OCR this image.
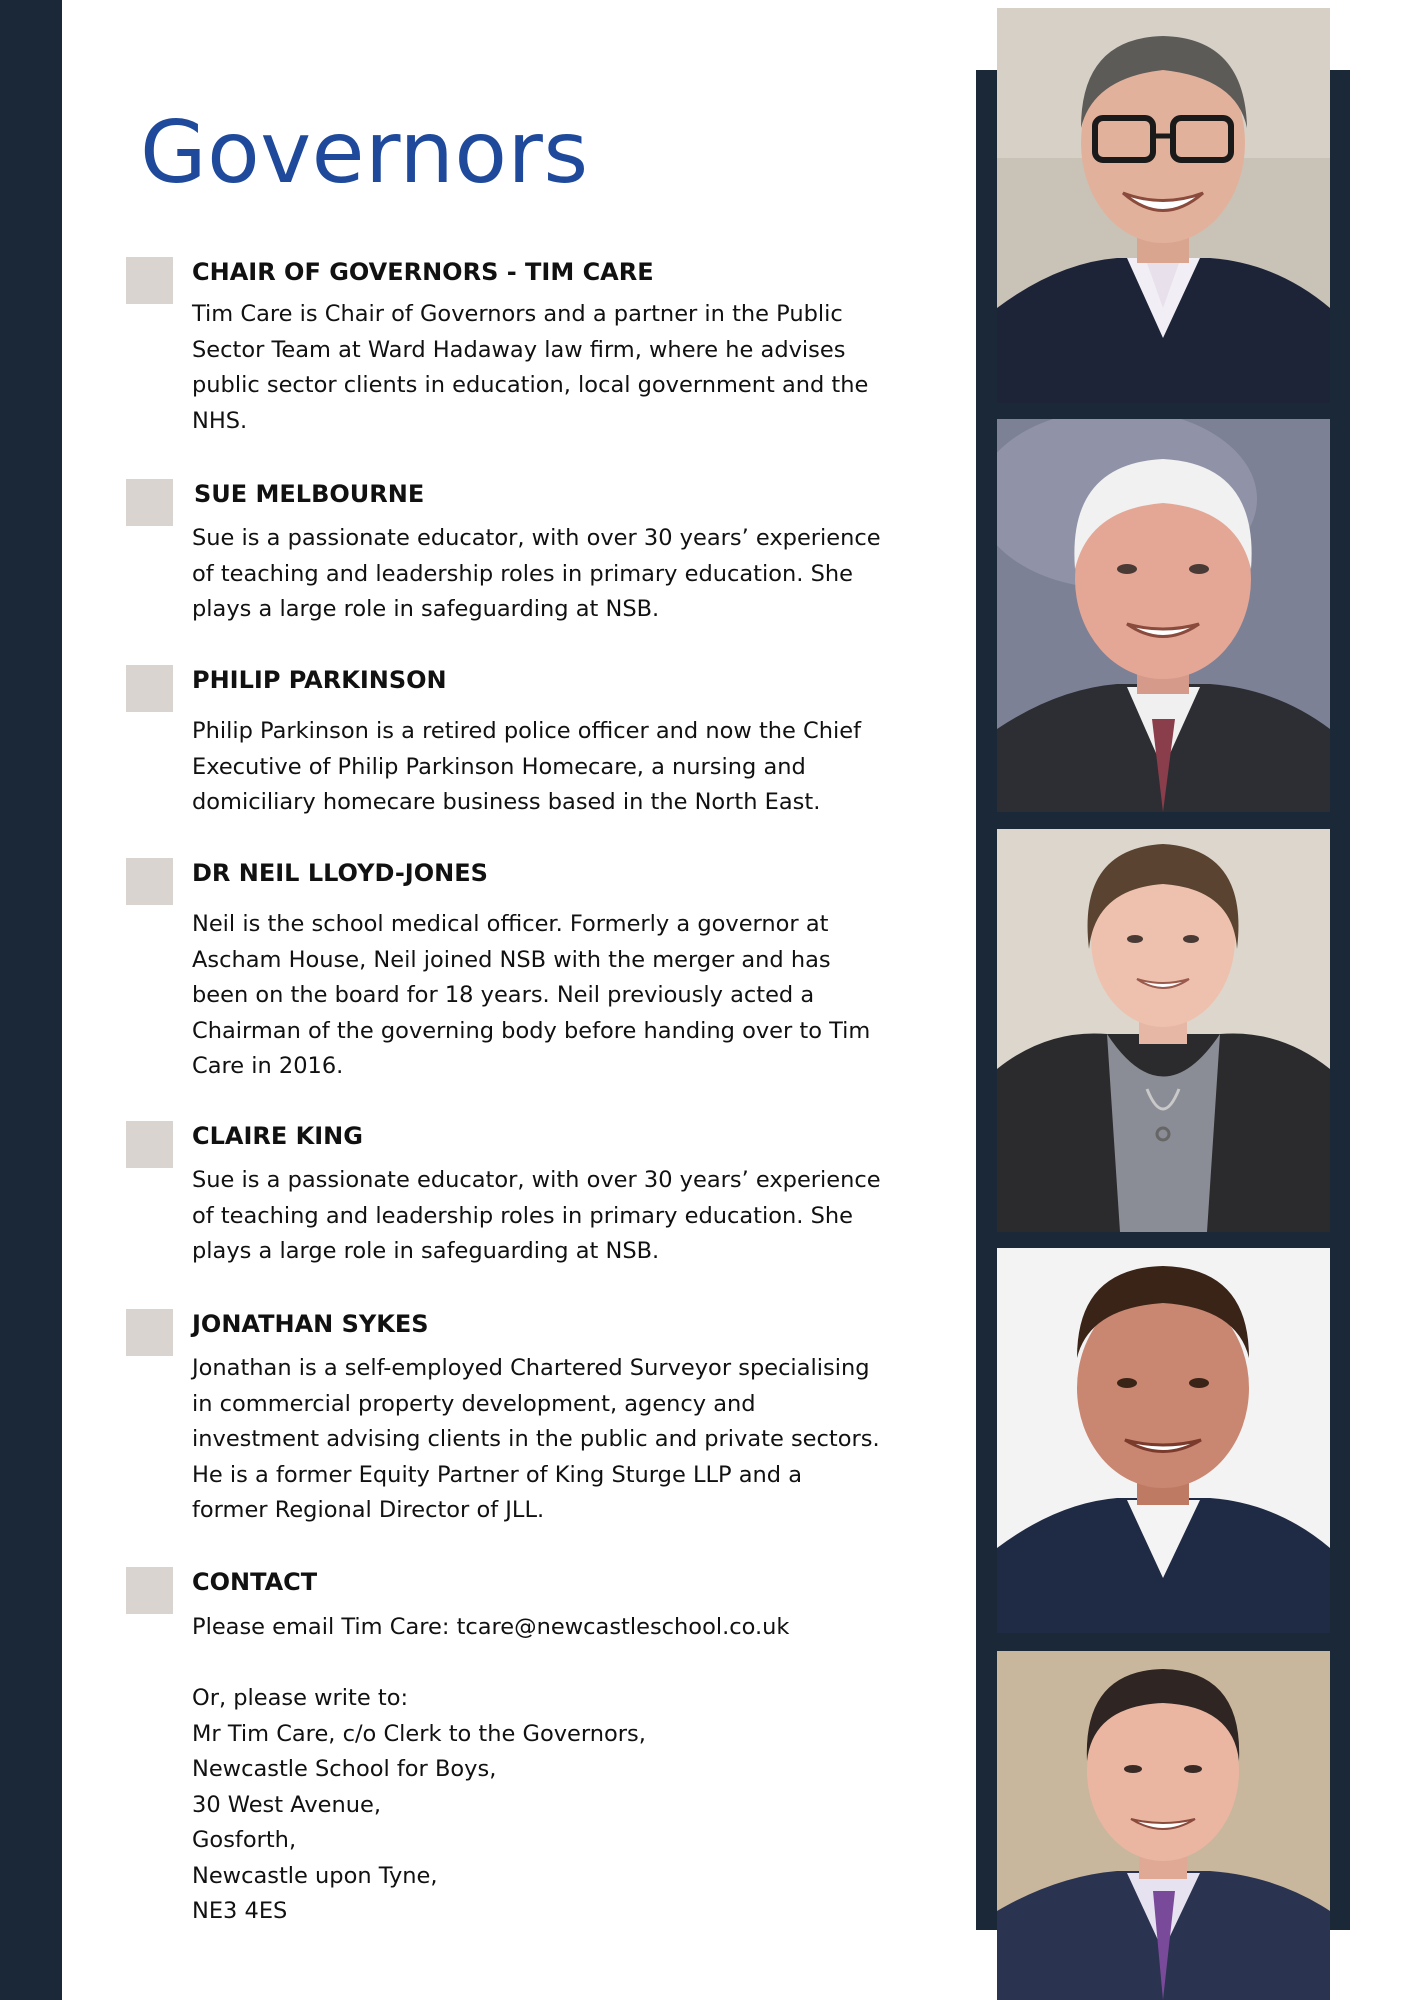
Governors
CHAIR OF GOVERNORS - TIM CARE
Tim Care is Chair of Governors and a partner in the Public
Sector Team at Ward Hadaway law firm, where he advises
public sector clients in education, local government and the
NHS.
SUE MELBOURNE
Sue is a passionate educator, with over 30 years’ experience
of teaching and leadership roles in primary education. She
plays a large role in safeguarding at NSB.
PHILIP PARKINSON
Philip Parkinson is a retired police officer and now the Chief
Executive of Philip Parkinson Homecare, a nursing and
domiciliary homecare business based in the North East.
DR NEIL LLOYD-JONES
Neil is the school medical officer. Formerly a governor at
Ascham House, Neil joined NSB with the merger and has
been on the board for 18 years. Neil previously acted a
Chairman of the governing body before handing over to Tim
Care in 2016.
CLAIRE KING
Sue is a passionate educator, with over 30 years’ experience
of teaching and leadership roles in primary education. She
plays a large role in safeguarding at NSB.
JONATHAN SYKES
Jonathan is a self-employed Chartered Surveyor specialising
in commercial property development, agency and
investment advising clients in the public and private sectors.
He is a former Equity Partner of King Sturge LLP and a
former Regional Director of JLL.
CONTACT
Please email Tim Care: tcare@newcastleschool.co.uk
Or, please write to:
Mr Tim Care, c/o Clerk to the Governors,
Newcastle School for Boys,
30 West Avenue,
Gosforth,
Newcastle upon Tyne,
NE3 4ES
